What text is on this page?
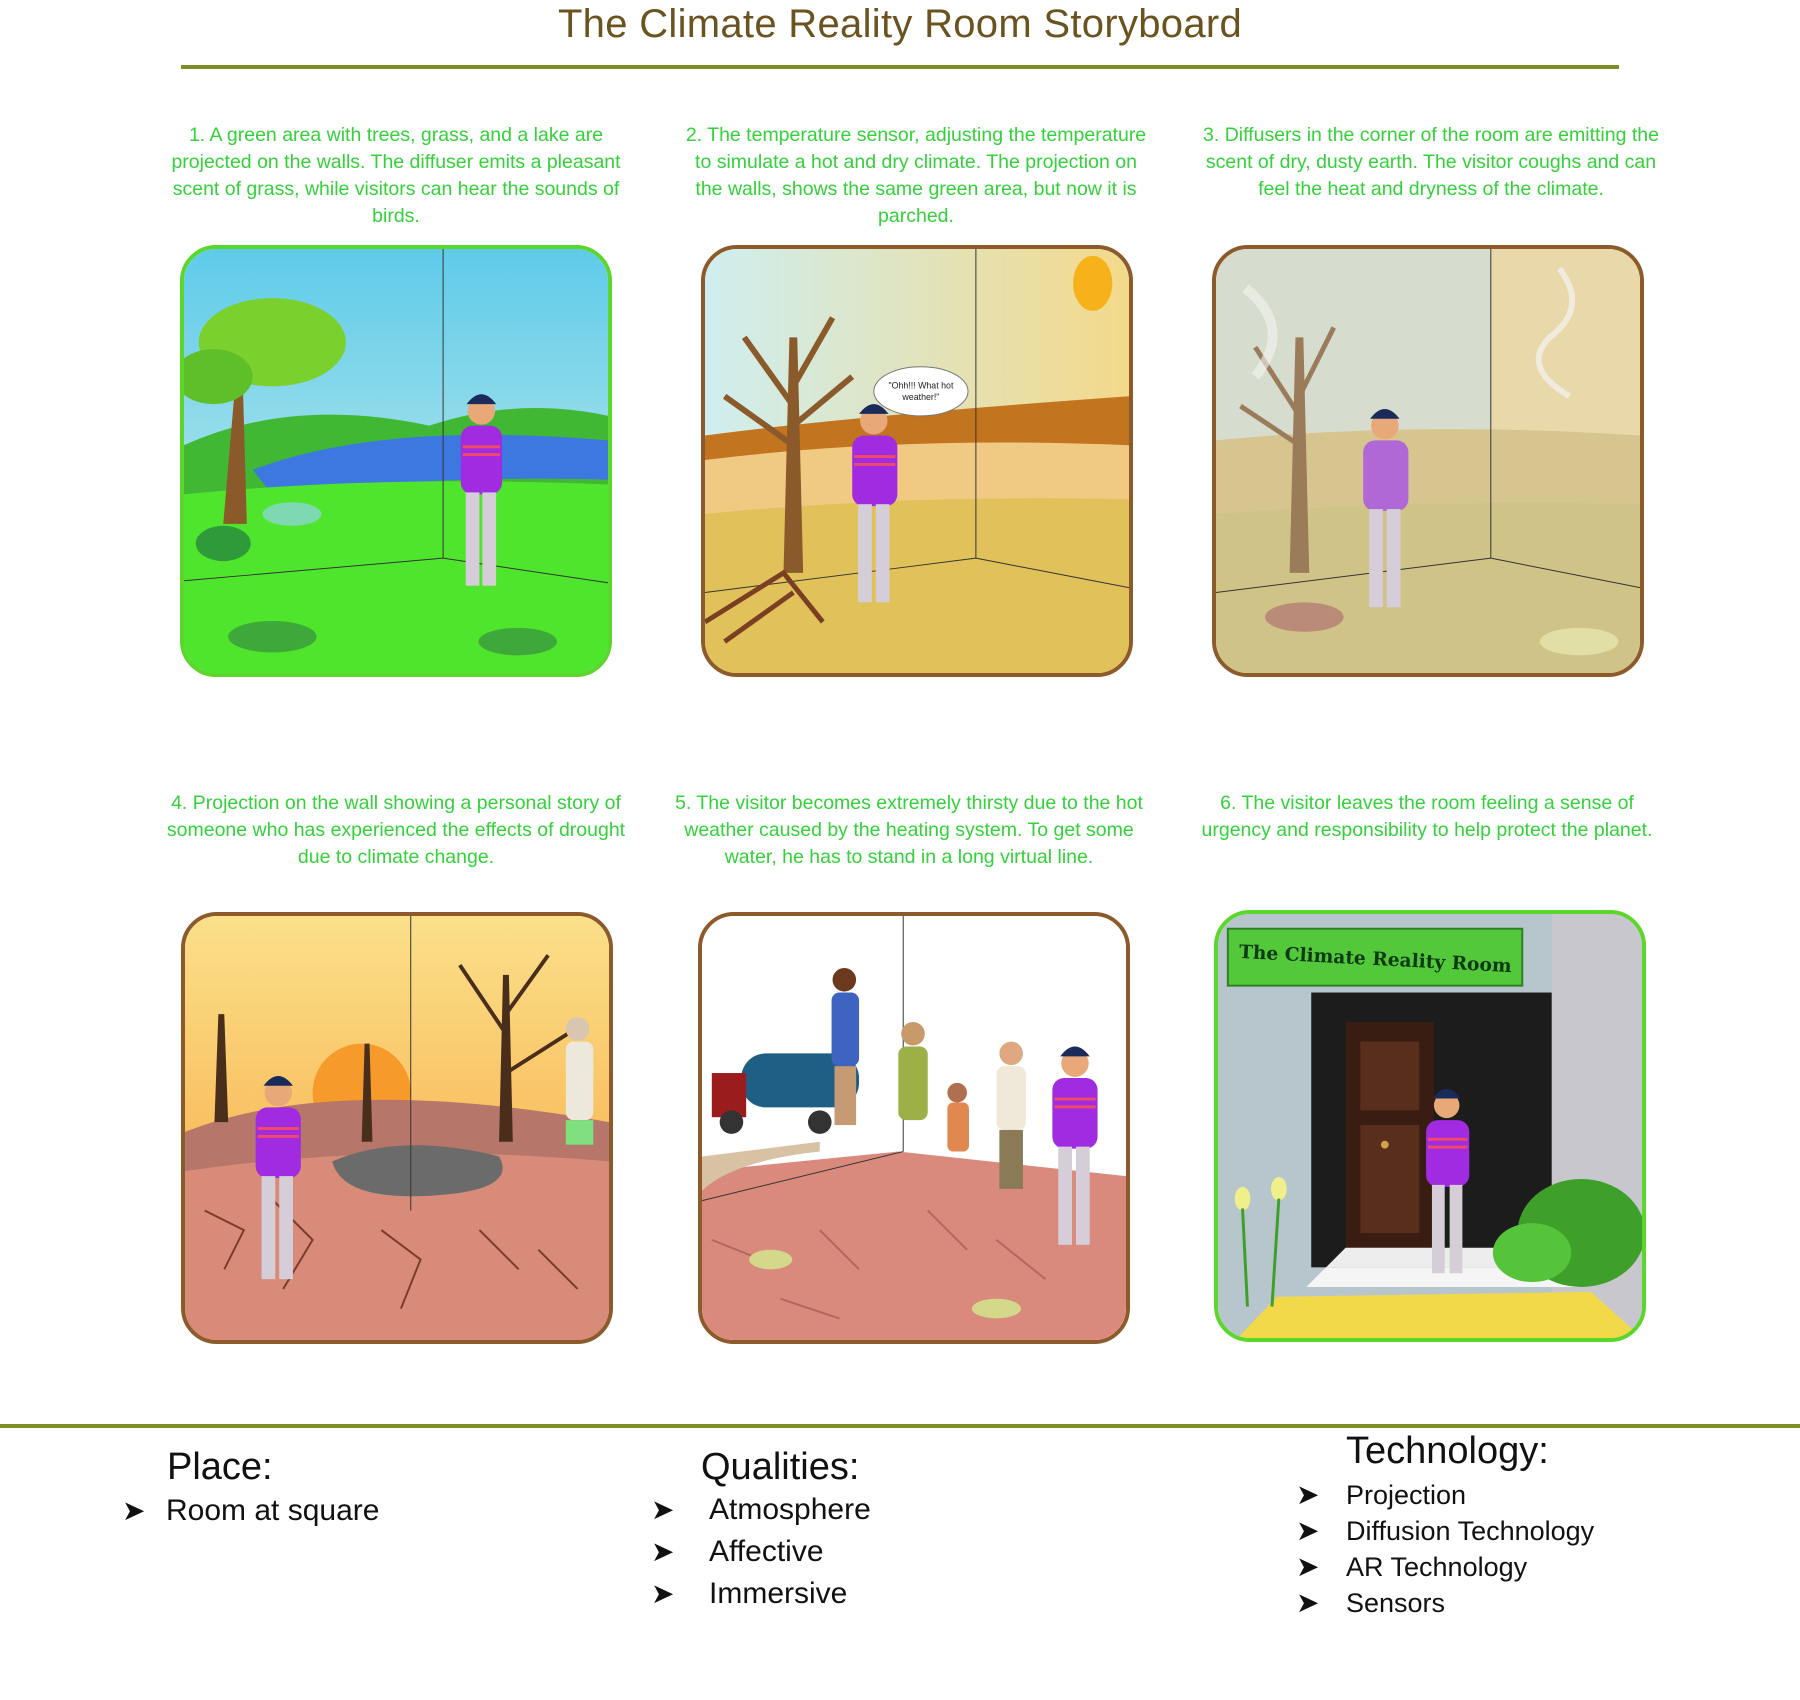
The Climate Reality Room Storyboard
1. A green area with trees, grass, and a lake are projected on the walls. The diffuser emits a pleasant scent of grass, while visitors can hear the sounds of birds.
2. The temperature sensor, adjusting the temperature to simulate a hot and dry climate. The projection on the walls, shows the same green area, but now it is parched.
3. Diffusers in the corner of the room are emitting the scent of dry, dusty earth. The visitor coughs and can feel the heat and dryness of the climate.
4. Projection on the wall showing a personal story of someone who has experienced the effects of drought due to climate change.
5. The visitor becomes extremely thirsty due to the hot weather caused by the heating system. To get some water, he has to stand in a long virtual line.
6. The visitor leaves the room feeling a sense of urgency and responsibility to help protect the planet.
"Ohh!!! What hot
weather!"
The Climate Reality Room
Place:
➤ Room at square
Qualities:
➤ Atmosphere
➤ Affective
➤ Immersive
Technology:
➤ Projection
➤ Diffusion Technology
➤ AR Technology
➤ Sensors
